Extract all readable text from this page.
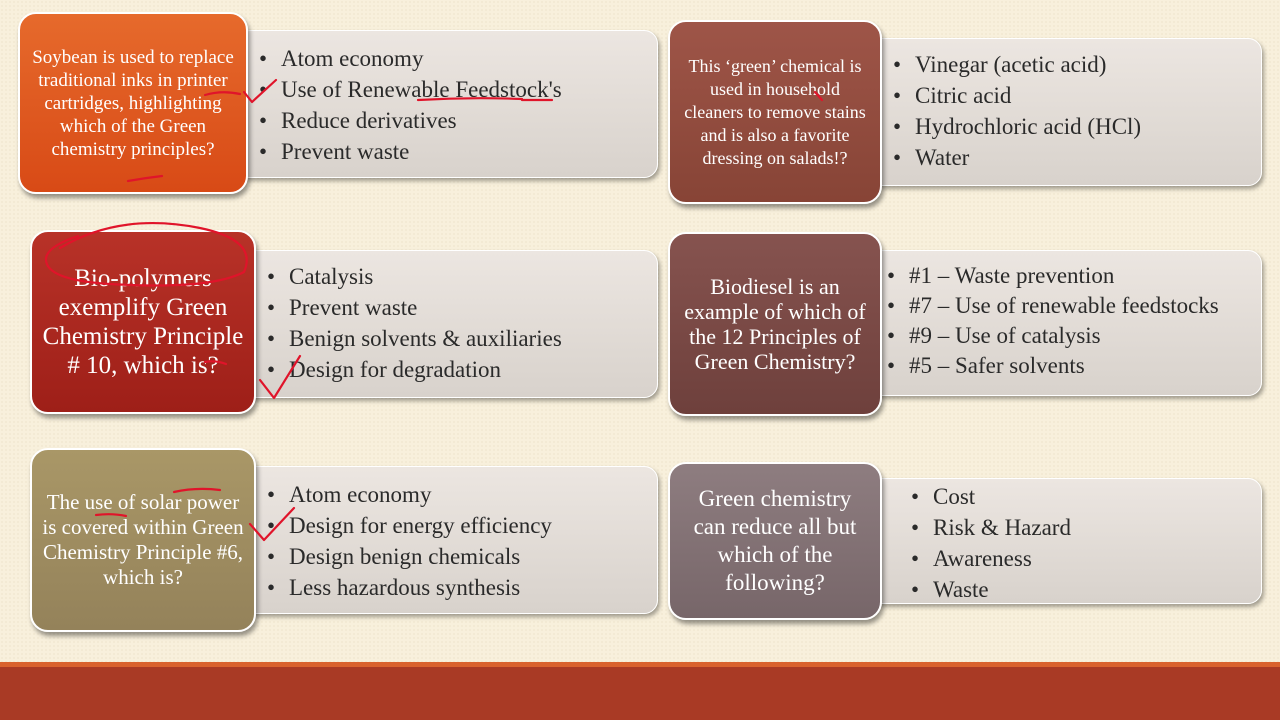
• Atom economy
• Use of Renewable Feedstock's
• Reduce derivatives
• Prevent waste
Soybean is used to replace traditional inks in printer cartridges, highlighting which of the Green chemistry principles?
• Vinegar (acetic acid)
• Citric acid
• Hydrochloric acid (HCl)
• Water
This ‘green’ chemical is used in household cleaners to remove stains and is also a favorite dressing on salads!?
• Catalysis
• Prevent waste
• Benign solvents & auxiliaries
• Design for degradation
Bio-polymers exemplify Green Chemistry Principle # 10, which is?
• #1 – Waste prevention
• #7 – Use of renewable feedstocks
• #9 – Use of catalysis
• #5 – Safer solvents
Biodiesel is an example of which of the 12 Principles of Green Chemistry?
• Atom economy
• Design for energy efficiency
• Design benign chemicals
• Less hazardous synthesis
The use of solar power is covered within Green Chemistry Principle #6, which is?
• Cost
• Risk & Hazard
• Awareness
• Waste
Green chemistry can reduce all but which of the following?
